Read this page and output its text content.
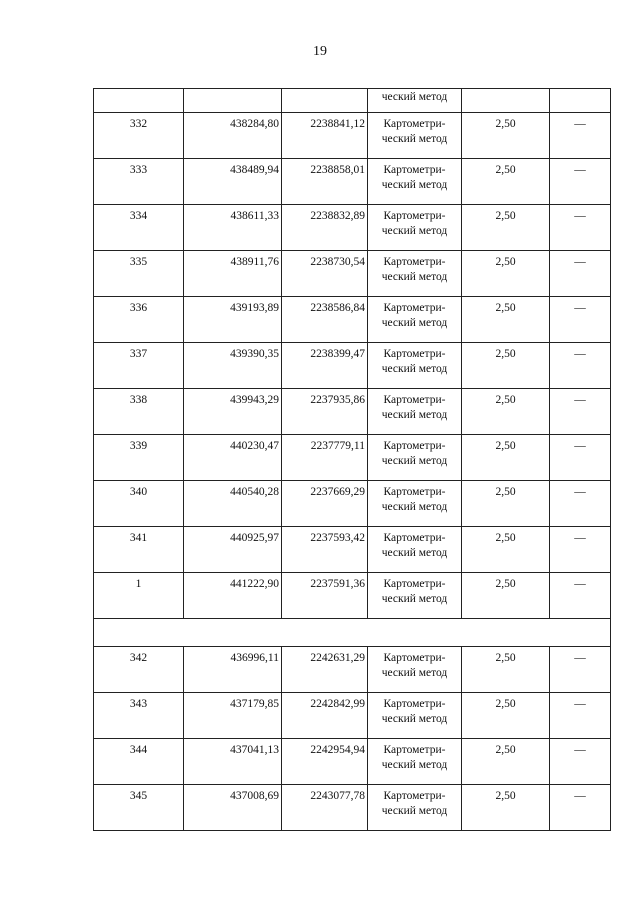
19
			ческий метод		
332	438284,80	2238841,12	Картометри-
ческий метод	2,50	—
333	438489,94	2238858,01	Картометри-
ческий метод	2,50	—
334	438611,33	2238832,89	Картометри-
ческий метод	2,50	—
335	438911,76	2238730,54	Картометри-
ческий метод	2,50	—
336	439193,89	2238586,84	Картометри-
ческий метод	2,50	—
337	439390,35	2238399,47	Картометри-
ческий метод	2,50	—
338	439943,29	2237935,86	Картометри-
ческий метод	2,50	—
339	440230,47	2237779,11	Картометри-
ческий метод	2,50	—
340	440540,28	2237669,29	Картометри-
ческий метод	2,50	—
341	440925,97	2237593,42	Картометри-
ческий метод	2,50	—
1	441222,90	2237591,36	Картометри-
ческий метод	2,50	—

342	436996,11	2242631,29	Картометри-
ческий метод	2,50	—
343	437179,85	2242842,99	Картометри-
ческий метод	2,50	—
344	437041,13	2242954,94	Картометри-
ческий метод	2,50	—
345	437008,69	2243077,78	Картометри-
ческий метод	2,50	—
